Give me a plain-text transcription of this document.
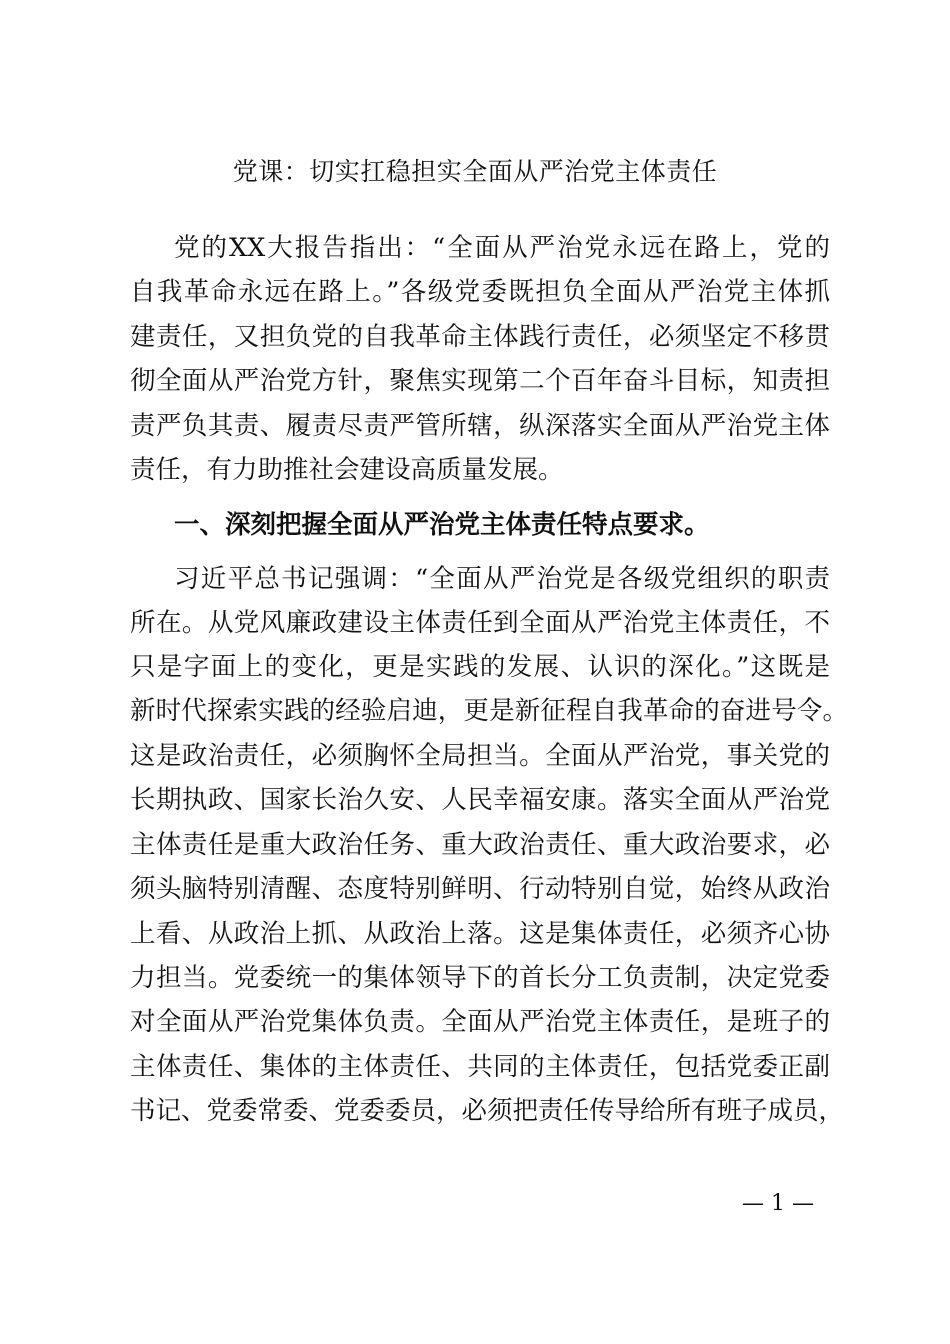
党课：切实扛稳担实全面从严治党主体责任
党的XX大报告指出：“全面从严治党永远在路上，党的
自我革命永远在路上。”各级党委既担负全面从严治党主体抓
建责任，又担负党的自我革命主体践行责任，必须坚定不移贯
彻全面从严治党方针，聚焦实现第二个百年奋斗目标，知责担
责严负其责、履责尽责严管所辖，纵深落实全面从严治党主体
责任，有力助推社会建设高质量发展。
一、深刻把握全面从严治党主体责任特点要求。
习近平总书记强调：“全面从严治党是各级党组织的职责
所在。从党风廉政建设主体责任到全面从严治党主体责任，不
只是字面上的变化，更是实践的发展、认识的深化。”这既是
新时代探索实践的经验启迪，更是新征程自我革命的奋进号令。
这是政治责任，必须胸怀全局担当。全面从严治党，事关党的
长期执政、国家长治久安、人民幸福安康。落实全面从严治党
主体责任是重大政治任务、重大政治责任、重大政治要求，必
须头脑特别清醒、态度特别鲜明、行动特别自觉，始终从政治
上看、从政治上抓、从政治上落。这是集体责任，必须齐心协
力担当。党委统一的集体领导下的首长分工负责制，决定党委
对全面从严治党集体负责。全面从严治党主体责任，是班子的
主体责任、集体的主体责任、共同的主体责任，包括党委正副
书记、党委常委、党委委员，必须把责任传导给所有班子成员，
— 1 —
